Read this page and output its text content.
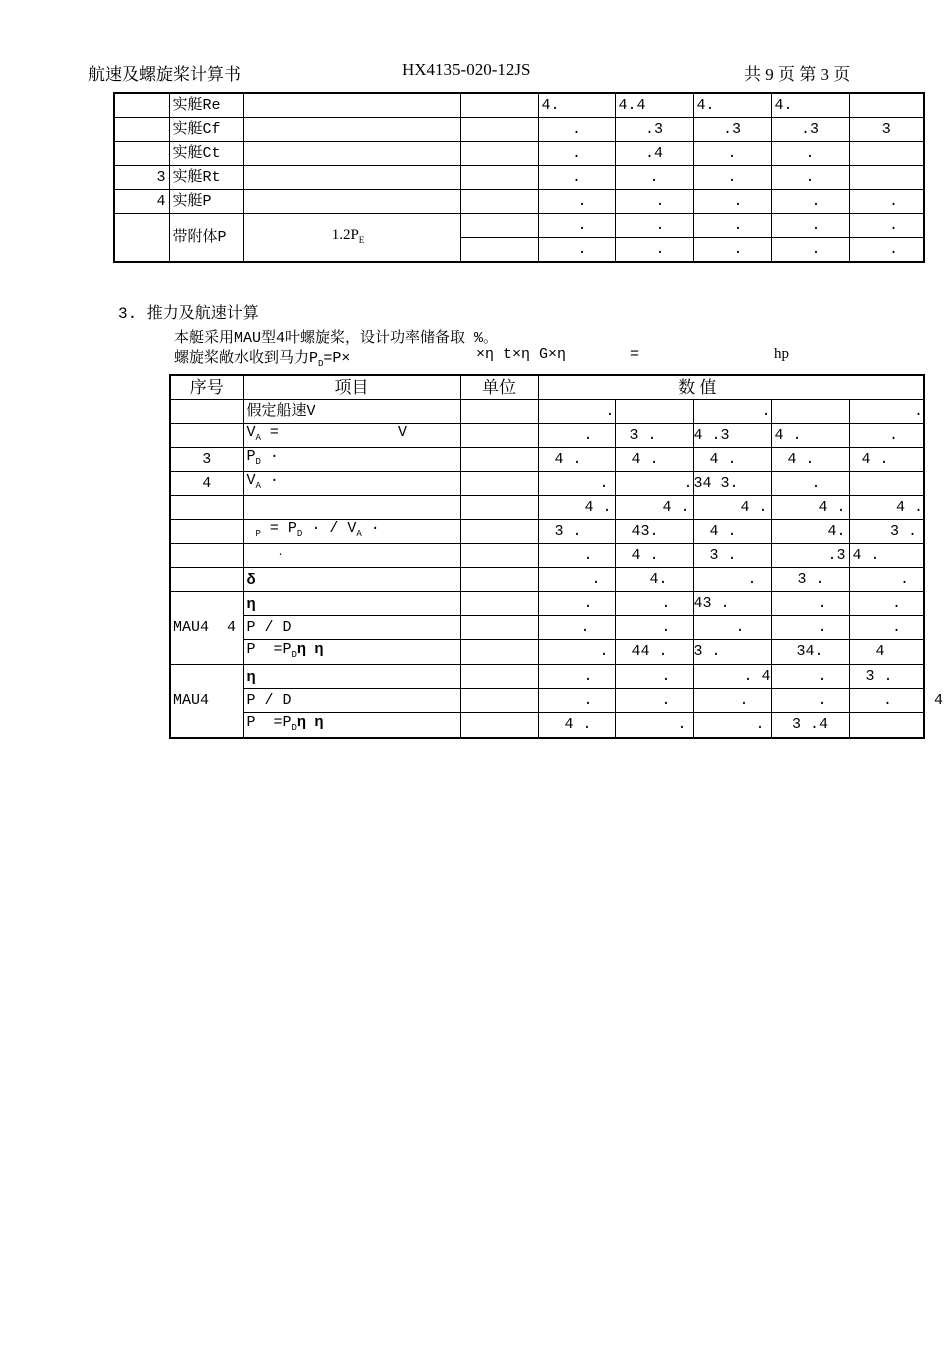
航速及螺旋桨计算书	HX4135-020-12JS	共 9 页 第 3 页
	实艇Re			4.	4.4	4.	4.	
	实艇Cf			.	.3	.3	.3	3
	实艇Ct			.	.4	.	.	
3	实艇Rt			.	.	.	.	
4	实艇P			.	.	.	.	.
	带附体P	$1.2P_E$		.	.	.	.	.
				.	.	.	.	.
3. 推力及航速计算
本艇采用MAU型4叶螺旋桨，设计功率储备取 %。
螺旋桨敞水收到马力$P_D=P\times$	×η t×η G×η	=	hp
序号	项目	单位	数 值				
	假定船速V		.		.		.
	$V_A = V$		.	3 .	4 .3	4 .	.
3	$P_D$ ·		4 .	4 .	4 .	4 .	4 .
4	$V_A$ ·		.	.	34 3.	.	
			4 .	4 .	4 .	4 .	4 .
	$_P = P_D$ · / $V_A$ ·		3 .	43.	4 .	4.	3 .
	·		.	4 .	3 .	.3	4 .
	δ		.	4.	.	3 .	.
MAU4  4	η		.	.	43 .	.	.
	P / D		.	.	.	.	.
	$P =P_D\eta$  η		.	44 .	3 .	34.	4
MAU4	η		.	.	. 4	.	3 .
	P / D		.	.	.	.	. 4
	$P =P_D\eta$  η		4 .	.	.	3 .4	
